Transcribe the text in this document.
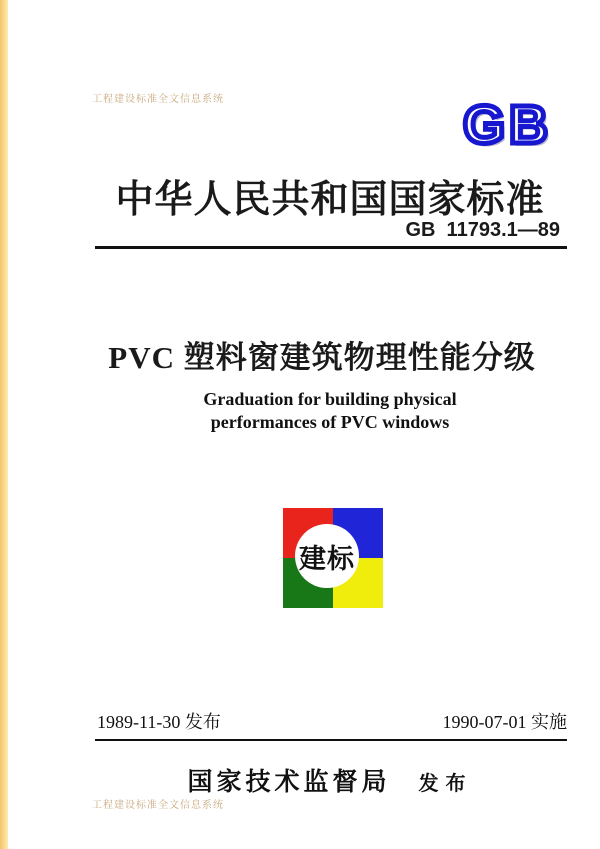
工程建设标准全文信息系统	GB
中华人民共和国国家标准
GB  11793.1—89
PVC 塑料窗建筑物理性能分级
Graduation for building physical
performances of PVC windows
建标
1989-11-30 发布	1990-07-01 实施
国家技术监督局 发布
工程建设标准全文信息系统
